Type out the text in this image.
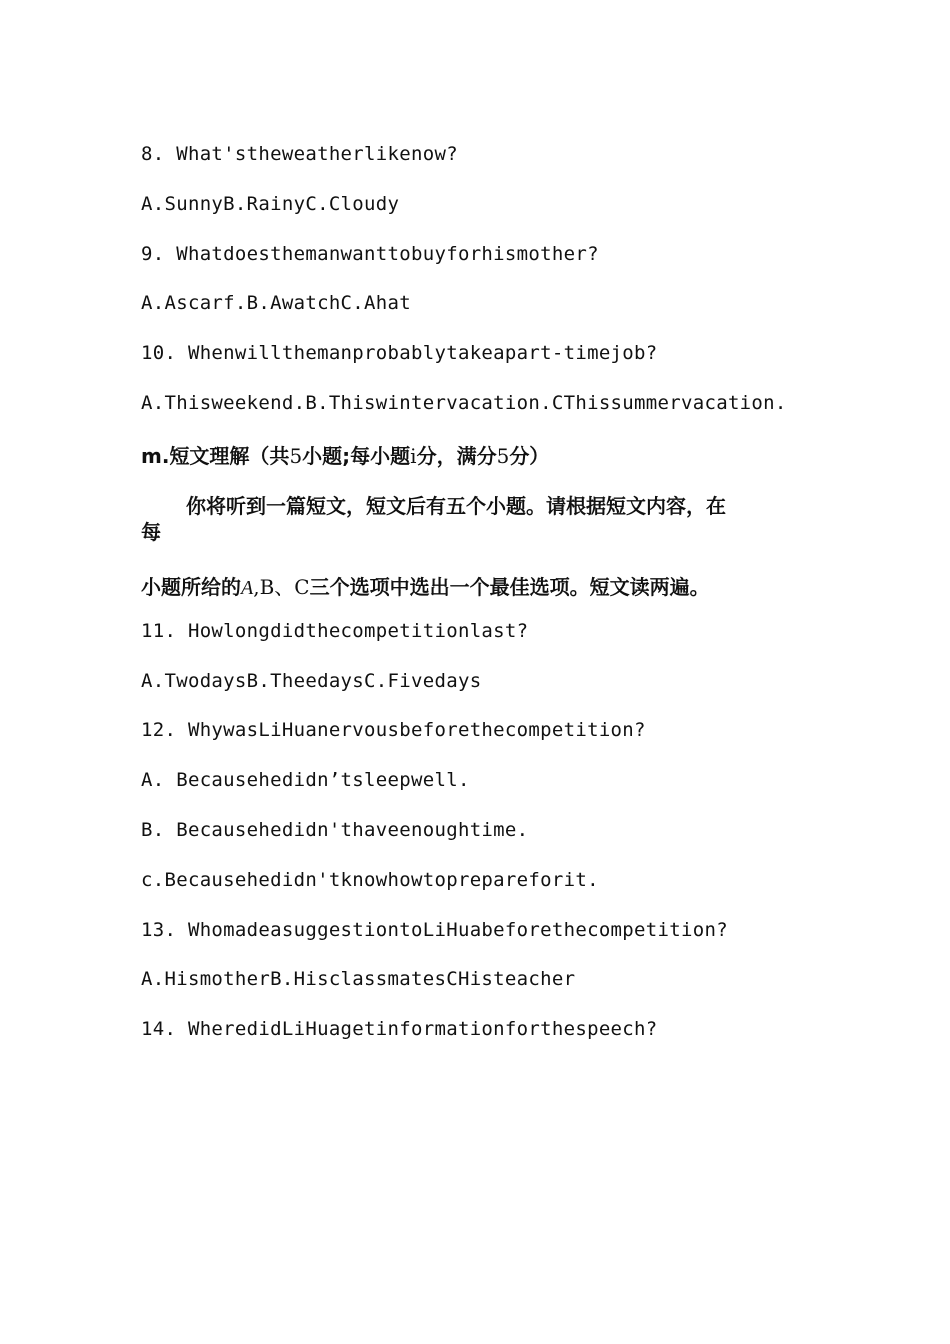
8. What'stheweatherlikenow?
A.SunnyB.RainyC.Cloudy
9. Whatdoesthemanwanttobuyforhismother?
A.Ascarf.B.AwatchC.Ahat
10. Whenwillthemanprobablytakeapart-timejob?
A.Thisweekend.B.Thiswintervacation.CThissummervacation.
m.短文理解（共5小题;每小题i分，满分5分）
你将听到一篇短文，短文后有五个小题。请根据短文内容，在
每
小题所给的A,B、C三个选项中选出一个最佳选项。短文读两遍。
11. Howlongdidthecompetitionlast?
A.TwodaysB.TheedaysC.Fivedays
12. WhywasLiHuanervousbeforethecompetition?
A. Becausehedidn’tsleepwell.
B. Becausehedidn'thaveenoughtime.
c.Becausehedidn'tknowhowtoprepareforit.
13. WhomadeasuggestiontoLiHuabeforethecompetition?
A.HismotherB.HisclassmatesCHisteacher
14. WheredidLiHuagetinformationforthespeech?
